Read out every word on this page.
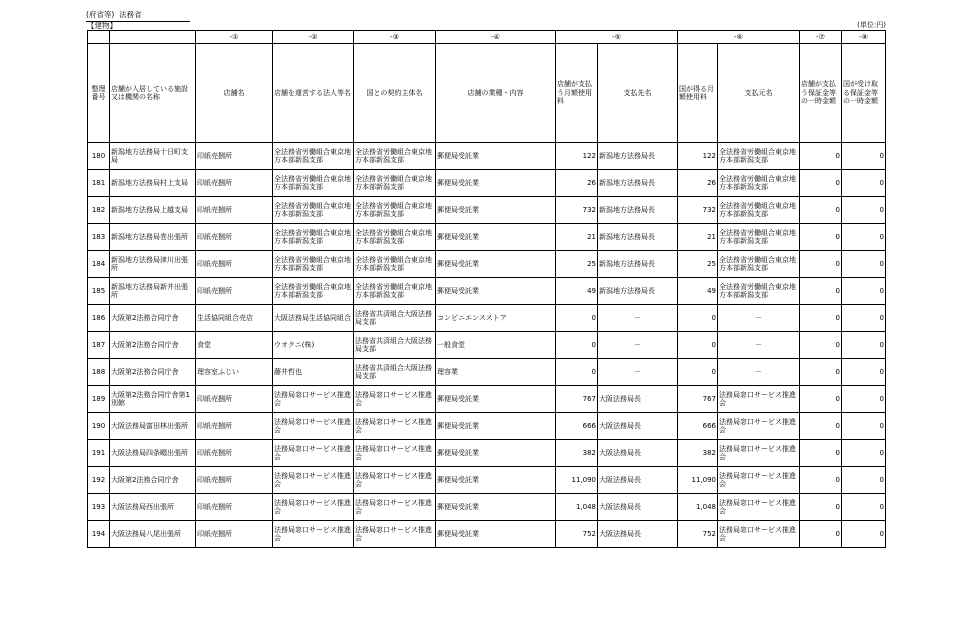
(府省等) 法務省
【建物】	(単位:円)
		-①	-②	-③	-④	-⑤		-⑥		-⑦	-⑧
整理番号	店舗が入居している施設又は機関の名称	店舗名	店舗を運営する法人等名	国との契約主体名	店舗の業種・内容	店舗が支払う月額使用料	支払先名	国が得る月額使用料	支払元名	店舗が支払う保証金等の一時金額	国が受け取る保証金等の一時金額
180	新潟地方法務局十日町支局	印紙売捌所	全法務省労働組合東京地方本部新潟支部	全法務省労働組合東京地方本部新潟支部	郵便局受託業	122	新潟地方法務局長	122	全法務省労働組合東京地方本部新潟支部	0	0
181	新潟地方法務局村上支局	印紙売捌所	全法務省労働組合東京地方本部新潟支部	全法務省労働組合東京地方本部新潟支部	郵便局受託業	26	新潟地方法務局長	26	全法務省労働組合東京地方本部新潟支部	0	0
182	新潟地方法務局上越支局	印紙売捌所	全法務省労働組合東京地方本部新潟支部	全法務省労働組合東京地方本部新潟支部	郵便局受託業	732	新潟地方法務局長	732	全法務省労働組合東京地方本部新潟支部	0	0
183	新潟地方法務局巻出張所	印紙売捌所	全法務省労働組合東京地方本部新潟支部	全法務省労働組合東京地方本部新潟支部	郵便局受託業	21	新潟地方法務局長	21	全法務省労働組合東京地方本部新潟支部	0	0
184	新潟地方法務局津川出張所	印紙売捌所	全法務省労働組合東京地方本部新潟支部	全法務省労働組合東京地方本部新潟支部	郵便局受託業	25	新潟地方法務局長	25	全法務省労働組合東京地方本部新潟支部	0	0
185	新潟地方法務局新井出張所	印紙売捌所	全法務省労働組合東京地方本部新潟支部	全法務省労働組合東京地方本部新潟支部	郵便局受託業	49	新潟地方法務局長	49	全法務省労働組合東京地方本部新潟支部	0	0
186	大阪第2法務合同庁舎	生活協同組合売店	大阪法務局生活協同組合	法務省共済組合大阪法務局支部	コンビニエンスストア	0	－	0	－	0	0
187	大阪第2法務合同庁舎	食堂	ウオクニ(株)	法務省共済組合大阪法務局支部	一般食堂	0	－	0	－	0	0
188	大阪第2法務合同庁舎	理容室ふじい	藤井哲也	法務省共済組合大阪法務局支部	理容業	0	－	0	－	0	0
189	大阪第2法務合同庁舎第1別館	印紙売捌所	法務局窓口サービス推進会	法務局窓口サービス推進会	郵便局受託業	767	大阪法務局長	767	法務局窓口サービス推進会	0	0
190	大阪法務局富田林出張所	印紙売捌所	法務局窓口サービス推進会	法務局窓口サービス推進会	郵便局受託業	666	大阪法務局長	666	法務局窓口サービス推進会	0	0
191	大阪法務局四条畷出張所	印紙売捌所	法務局窓口サービス推進会	法務局窓口サービス推進会	郵便局受託業	382	大阪法務局長	382	法務局窓口サービス推進会	0	0
192	大阪第2法務合同庁舎	印紙売捌所	法務局窓口サービス推進会	法務局窓口サービス推進会	郵便局受託業	11,090	大阪法務局長	11,090	法務局窓口サービス推進会	0	0
193	大阪法務局西出張所	印紙売捌所	法務局窓口サービス推進会	法務局窓口サービス推進会	郵便局受託業	1,048	大阪法務局長	1,048	法務局窓口サービス推進会	0	0
194	大阪法務局八尾出張所	印紙売捌所	法務局窓口サービス推進会	法務局窓口サービス推進会	郵便局受託業	752	大阪法務局長	752	法務局窓口サービス推進会	0	0
